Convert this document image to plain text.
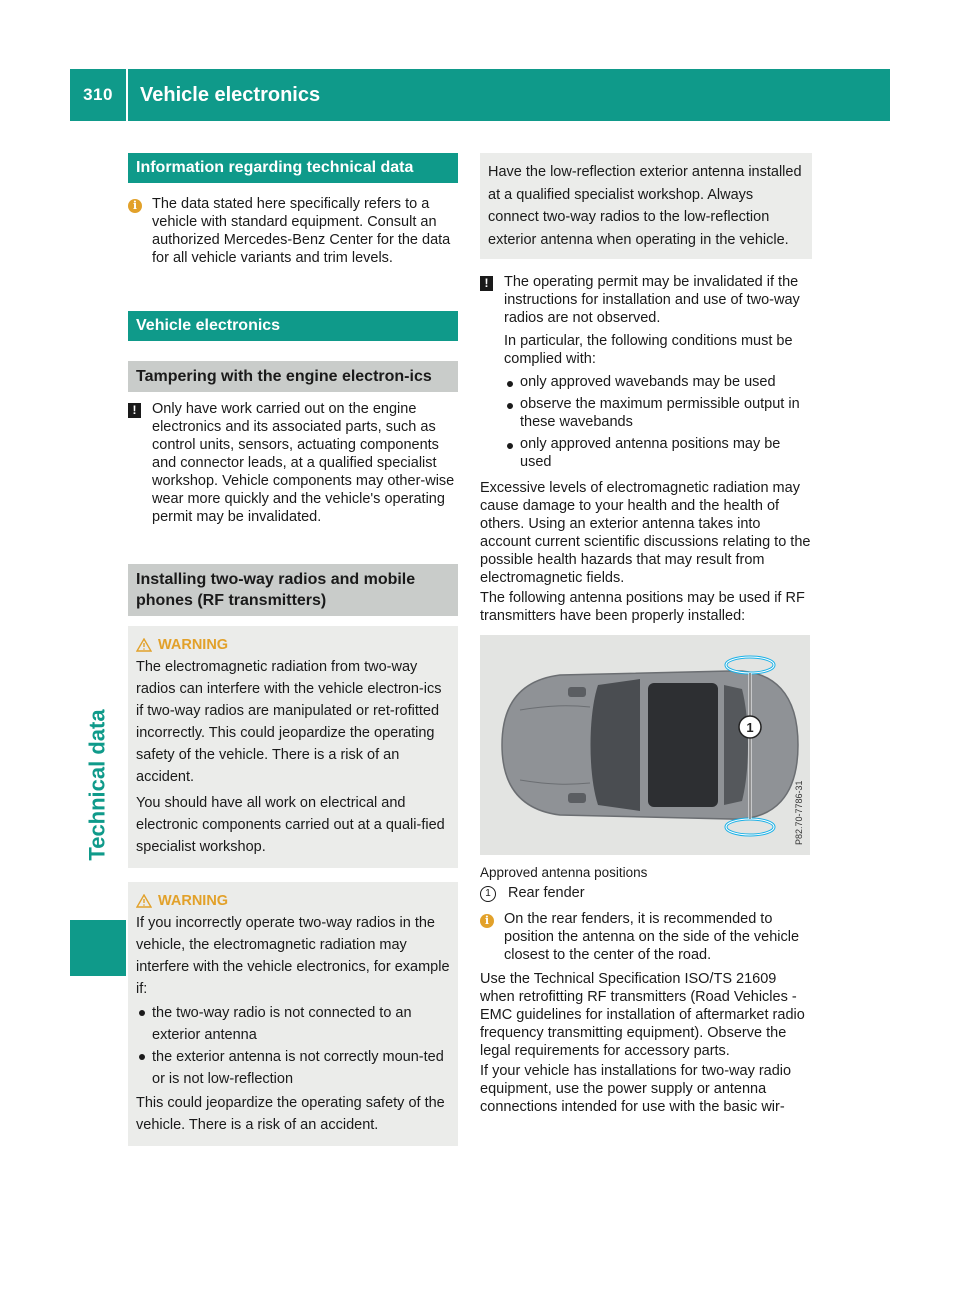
310	Vehicle electronics
Technical data
Information regarding technical data
i	The data stated here specifically refers to a vehicle with standard equipment. Consult an authorized Mercedes-Benz Center for the data for all vehicle variants and trim levels.

Vehicle electronics
Tampering with the engine electron-ics
!	Only have work carried out on the engine electronics and its associated parts, such as control units, sensors, actuating components and connector leads, at a qualified specialist workshop. Vehicle components may other-wise wear more quickly and the vehicle's operating permit may be invalidated.

Installing two-way radios and mobile phones (RF transmitters)
WARNING

The electromagnetic radiation from two-way radios can interfere with the vehicle electron-ics if two-way radios are manipulated or ret-rofitted incorrectly. This could jeopardize the operating safety of the vehicle. There is a risk of an accident.

You should have all work on electrical and electronic components carried out at a quali-fied specialist workshop.

WARNING

If you incorrectly operate two-way radios in the vehicle, the electromagnetic radiation may interfere with the vehicle electronics, for example if:

the two-way radio is not connected to an exterior antenna
the exterior antenna is not correctly moun-ted or is not low-reflection

This could jeopardize the operating safety of the vehicle. There is a risk of an accident.

Have the low-reflection exterior antenna installed at a qualified specialist workshop. Always connect two-way radios to the low-reflection exterior antenna when operating in the vehicle.

!	The operating permit may be invalidated if the instructions for installation and use of two-way radios are not observed.

In particular, the following conditions must be complied with:

only approved wavebands may be used
observe the maximum permissible output in these wavebands
only approved antenna positions may be used

Excessive levels of electromagnetic radiation may cause damage to your health and the health of others. Using an exterior antenna takes into account current scientific discussions relating to the possible health hazards that may result from electromagnetic fields.

The following antenna positions may be used if RF transmitters have been properly installed:

1
P82.70-7786-31

Approved antenna positions

1	Rear fender
i	On the rear fenders, it is recommended to position the antenna on the side of the vehicle closest to the center of the road.

Use the Technical Specification ISO/TS 21609 when retrofitting RF transmitters (Road Vehicles - EMC guidelines for installation of aftermarket radio frequency transmitting equipment). Observe the legal requirements for accessory parts.

If your vehicle has installations for two-way radio equipment, use the power supply or antenna connections intended for use with the basic wir-
